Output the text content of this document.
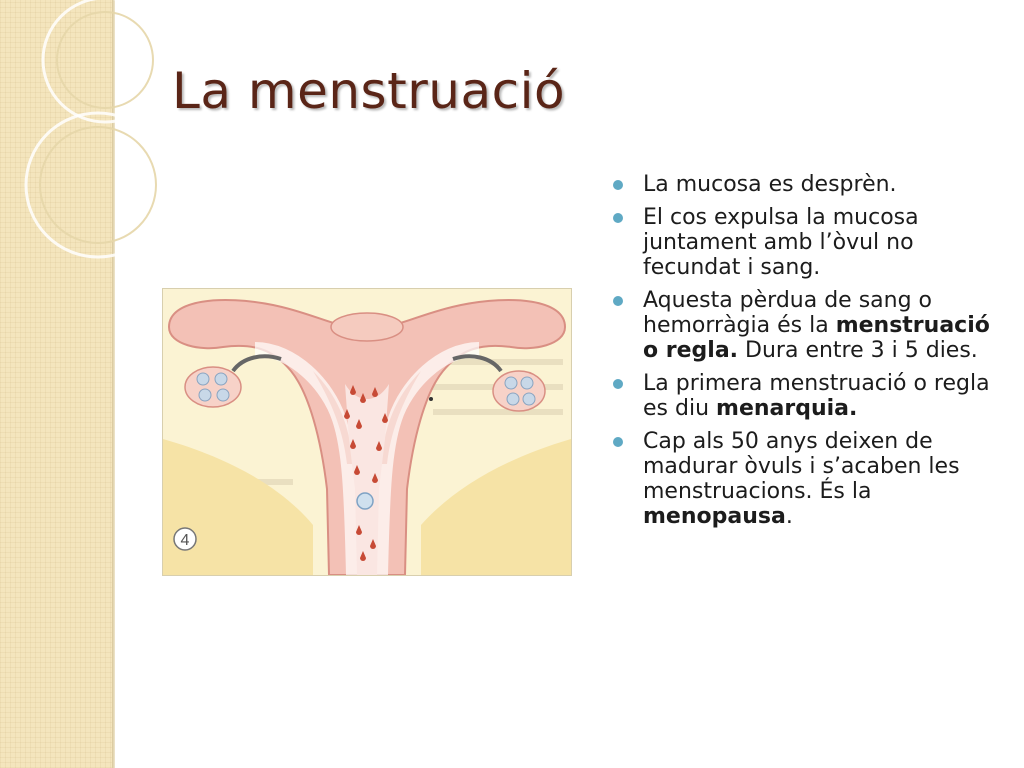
La menstruació
4
La mucosa es desprèn.
El cos expulsa la mucosa juntament amb l’òvul no fecundat i sang.
Aquesta pèrdua de sang o hemorràgia és la menstruació o regla. Dura entre 3 i 5 dies.
La primera menstruació o regla es diu menarquia.
Cap als 50 anys deixen de madurar òvuls i s’acaben les menstruacions. És la menopausa.
